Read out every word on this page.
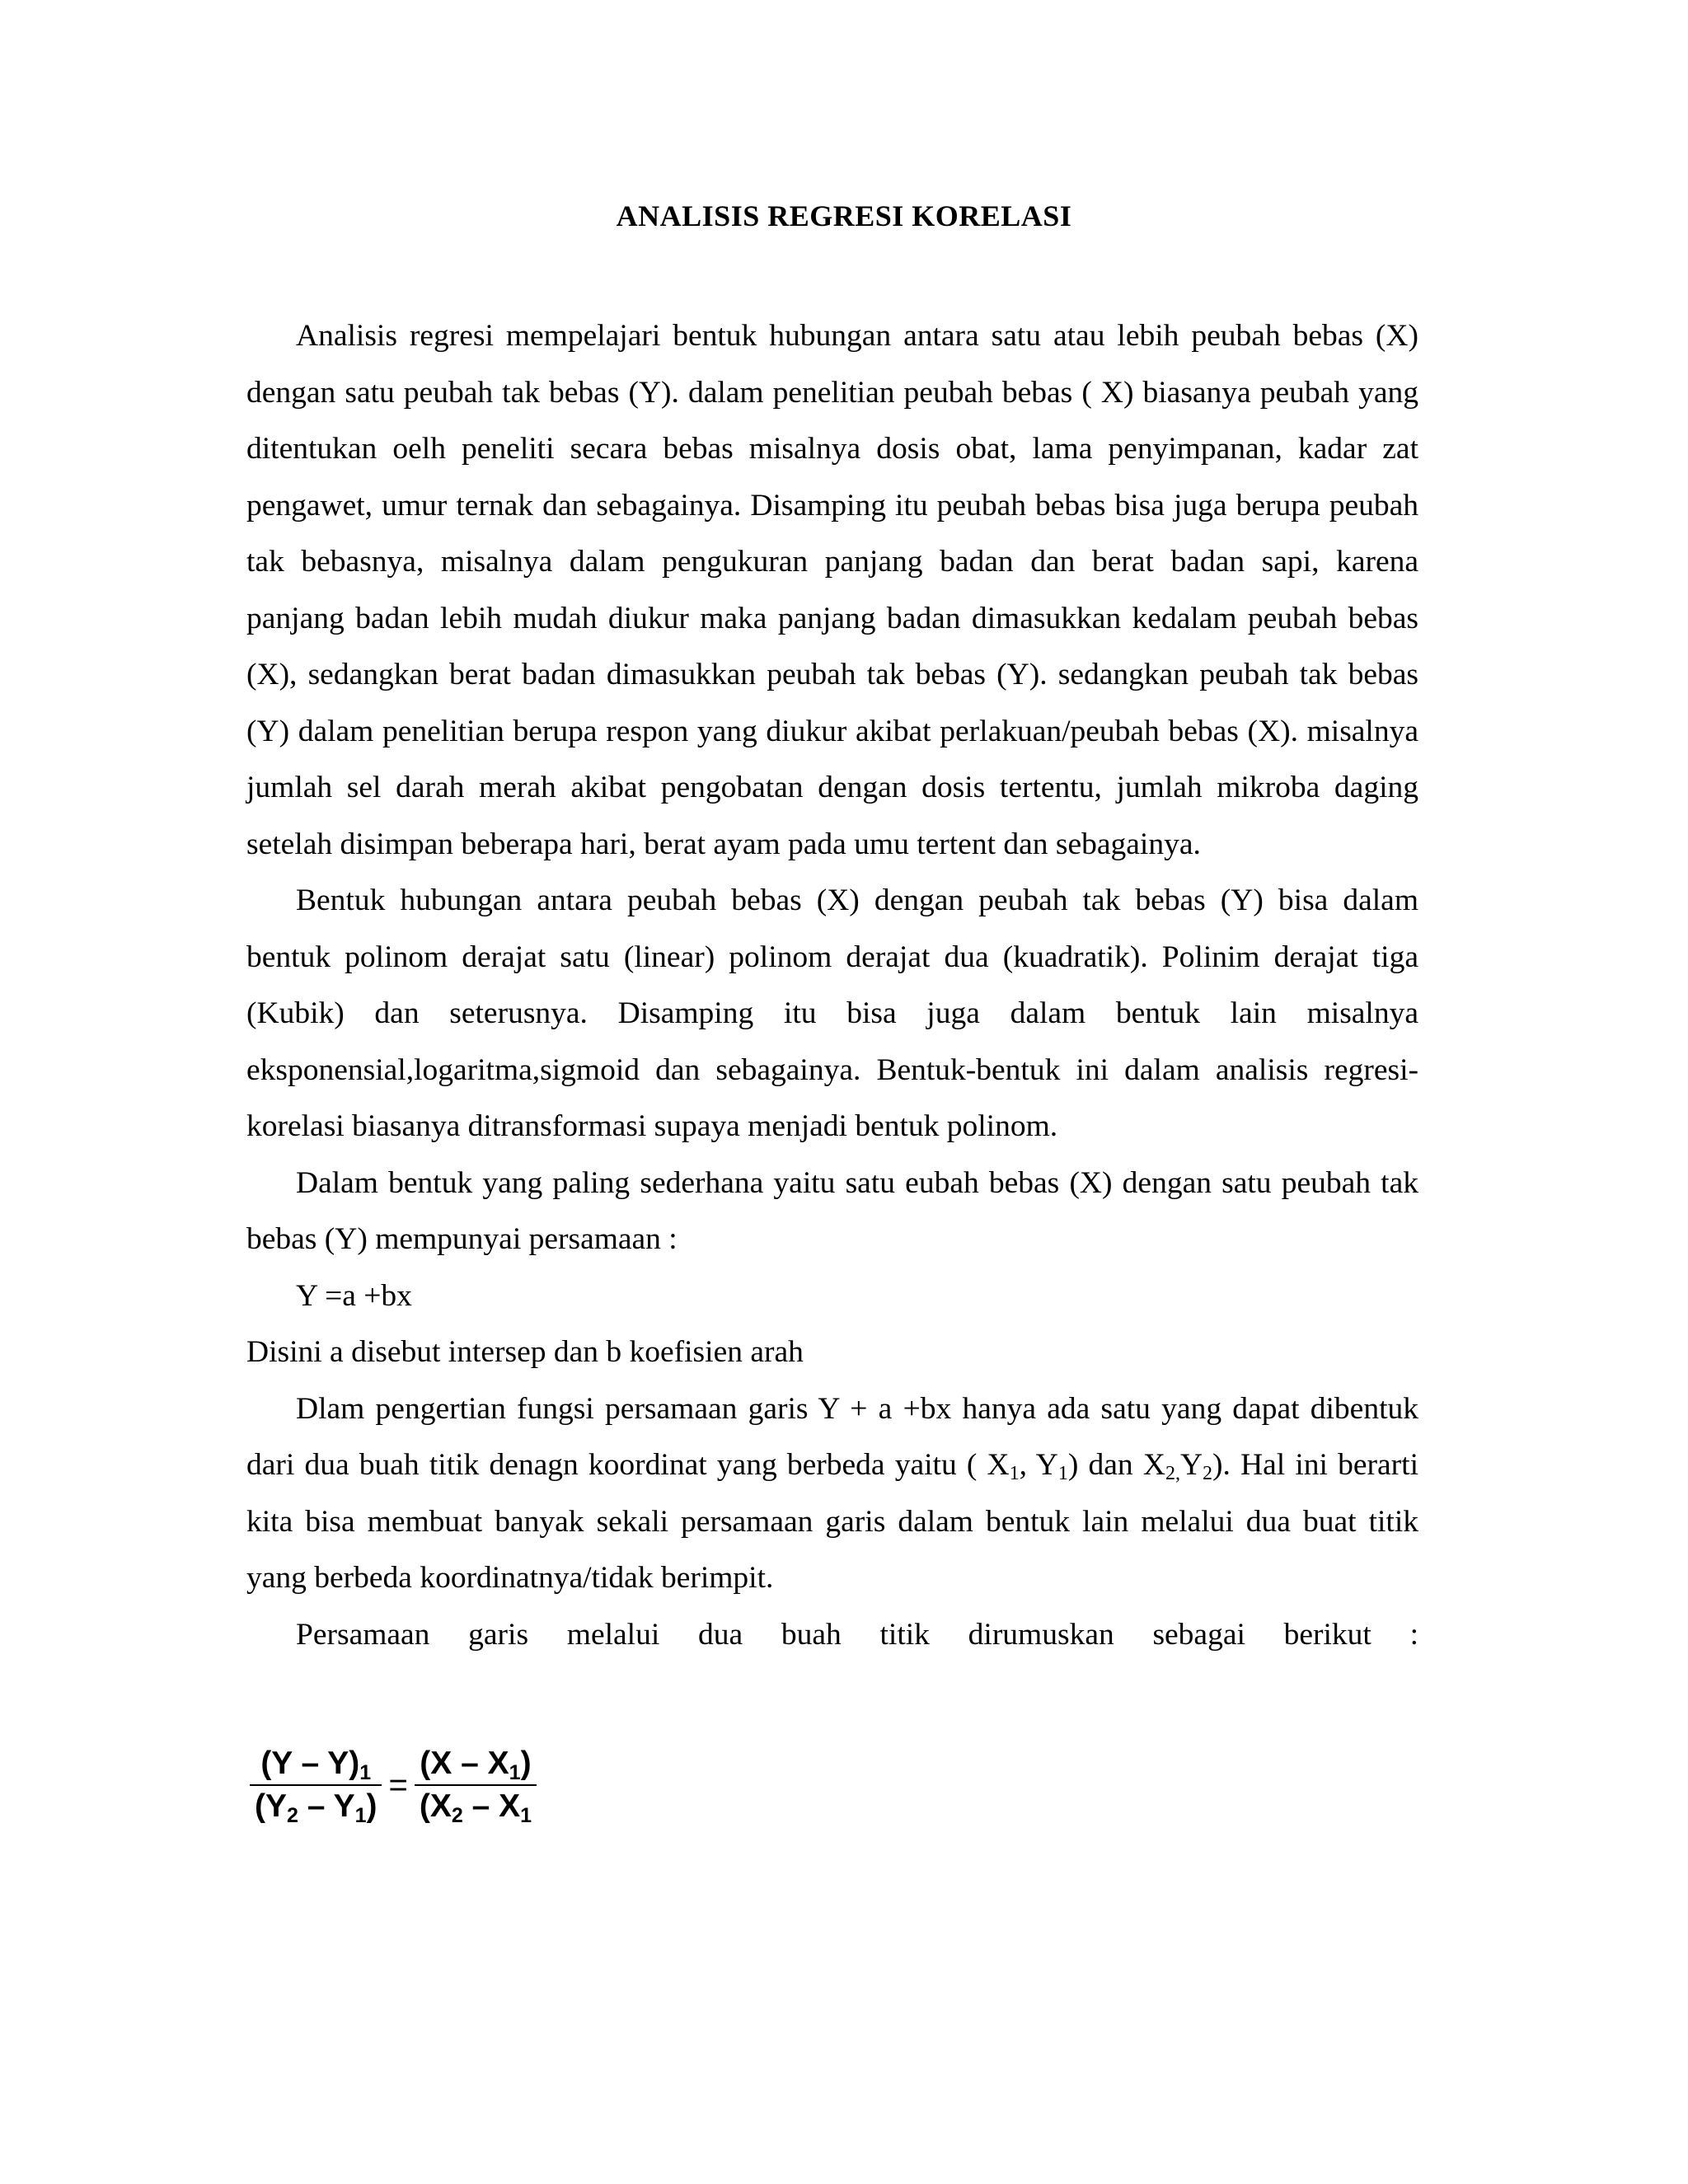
ANALISIS REGRESI KORELASI

Analisis regresi mempelajari bentuk hubungan antara satu atau lebih peubah bebas (X) dengan satu peubah tak bebas (Y). dalam penelitian peubah bebas ( X) biasanya peubah yang ditentukan oelh peneliti secara bebas misalnya dosis obat, lama penyimpanan, kadar zat pengawet, umur ternak dan sebagainya. Disamping itu peubah bebas bisa juga berupa peubah tak bebasnya, misalnya dalam pengukuran panjang badan dan berat badan sapi, karena panjang badan lebih mudah diukur maka panjang badan dimasukkan kedalam peubah bebas (X), sedangkan berat badan dimasukkan peubah tak bebas (Y). sedangkan peubah tak bebas (Y) dalam penelitian berupa respon yang diukur akibat perlakuan/peubah bebas (X). misalnya jumlah sel darah merah akibat pengobatan dengan dosis tertentu, jumlah mikroba daging setelah disimpan beberapa hari, berat ayam pada umu tertent dan sebagainya.

Bentuk hubungan antara peubah bebas (X) dengan peubah tak bebas (Y) bisa dalam bentuk polinom derajat satu (linear) polinom derajat dua (kuadratik). Polinim derajat tiga (Kubik) dan seterusnya. Disamping itu bisa juga dalam bentuk lain misalnya eksponensial,logaritma,sigmoid dan sebagainya. Bentuk-bentuk ini dalam analisis regresi-korelasi biasanya ditransformasi supaya menjadi bentuk polinom.

Dalam bentuk yang paling sederhana yaitu satu eubah bebas (X) dengan satu peubah tak bebas (Y) mempunyai persamaan :

Y =a +bx

Disini a disebut intersep dan b koefisien arah

Dlam pengertian fungsi persamaan garis Y + a +bx hanya ada satu yang dapat dibentuk dari dua buah titik denagn koordinat yang berbeda yaitu ( $X_1$, $Y_1$) dan $X_{2,}Y_2$). Hal ini berarti kita bisa membuat banyak sekali persamaan garis dalam bentuk lain melalui dua buat titik yang berbeda koordinatnya/tidak berimpit.

Persamaan garis melalui dua buah titik dirumuskan sebagai berikut :

$\frac{(Y - Y)_1}{(Y_2 - Y_1)} = \frac{(X - X_1)}{(X_2 - X_1}$
